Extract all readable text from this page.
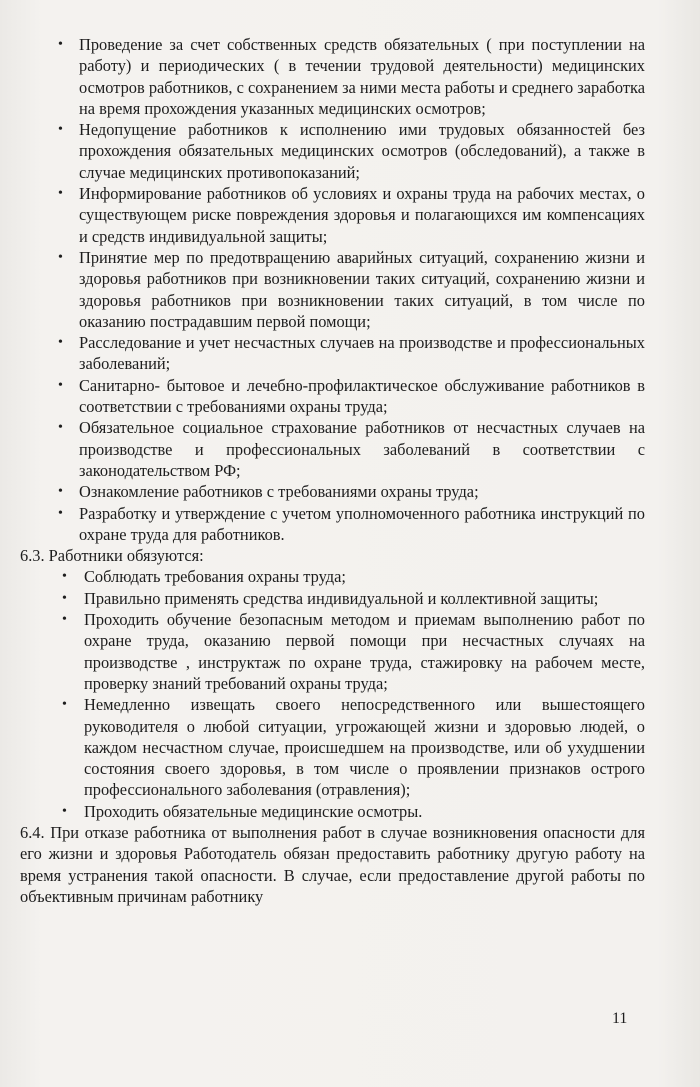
• Проведение за счет собственных средств обязательных ( при поступлении на работу) и периодических ( в течении трудовой деятельности) медицинских осмотров работников, с сохранением за ними места работы и среднего заработка на время прохождения указанных медицинских осмотров;
• Недопущение работников к исполнению ими трудовых обязанностей без прохождения обязательных медицинских осмотров (обследований), а также в случае медицинских противопоказаний;
• Информирование работников об условиях и охраны труда на рабочих местах, о существующем риске повреждения здоровья и полагающихся им компенсациях и средств индивидуальной защиты;
• Принятие мер по предотвращению аварийных ситуаций, сохранению жизни и здоровья работников при возникновении таких ситуаций, сохранению жизни и здоровья работников при возникновении таких ситуаций, в том числе по оказанию пострадавшим первой помощи;
• Расследование и учет несчастных случаев на производстве и профессиональных заболеваний;
• Санитарно- бытовое и лечебно-профилактическое обслуживание работников в соответствии с требованиями охраны труда;
• Обязательное социальное страхование работников от несчастных случаев на производстве и профессиональных заболеваний в соответствии с законодательством РФ;
• Ознакомление работников с требованиями охраны труда;
• Разработку и утверждение с учетом уполномоченного работника инструкций по охране труда для работников.

6.3. Работники обязуются:

• Соблюдать требования охраны труда;
• Правильно применять средства индивидуальной и коллективной защиты;
• Проходить обучение безопасным методом и приемам выполнению работ по охране труда, оказанию первой помощи при несчастных случаях на производстве , инструктаж по охране труда, стажировку на рабочем месте, проверку знаний требований охраны труда;
• Немедленно извещать своего непосредственного или вышестоящего руководителя о любой ситуации, угрожающей жизни и здоровью людей, о каждом несчастном случае, происшедшем на производстве, или об ухудшении состояния своего здоровья, в том числе о проявлении признаков острого профессионального заболевания (отравления);
• Проходить обязательные медицинские осмотры.

6.4. При отказе работника от выполнения работ в случае возникновения опасности для его жизни и здоровья Работодатель обязан предоставить работнику другую работу на время устранения такой опасности. В случае, если предоставление другой работы по объективным причинам работнику

11
